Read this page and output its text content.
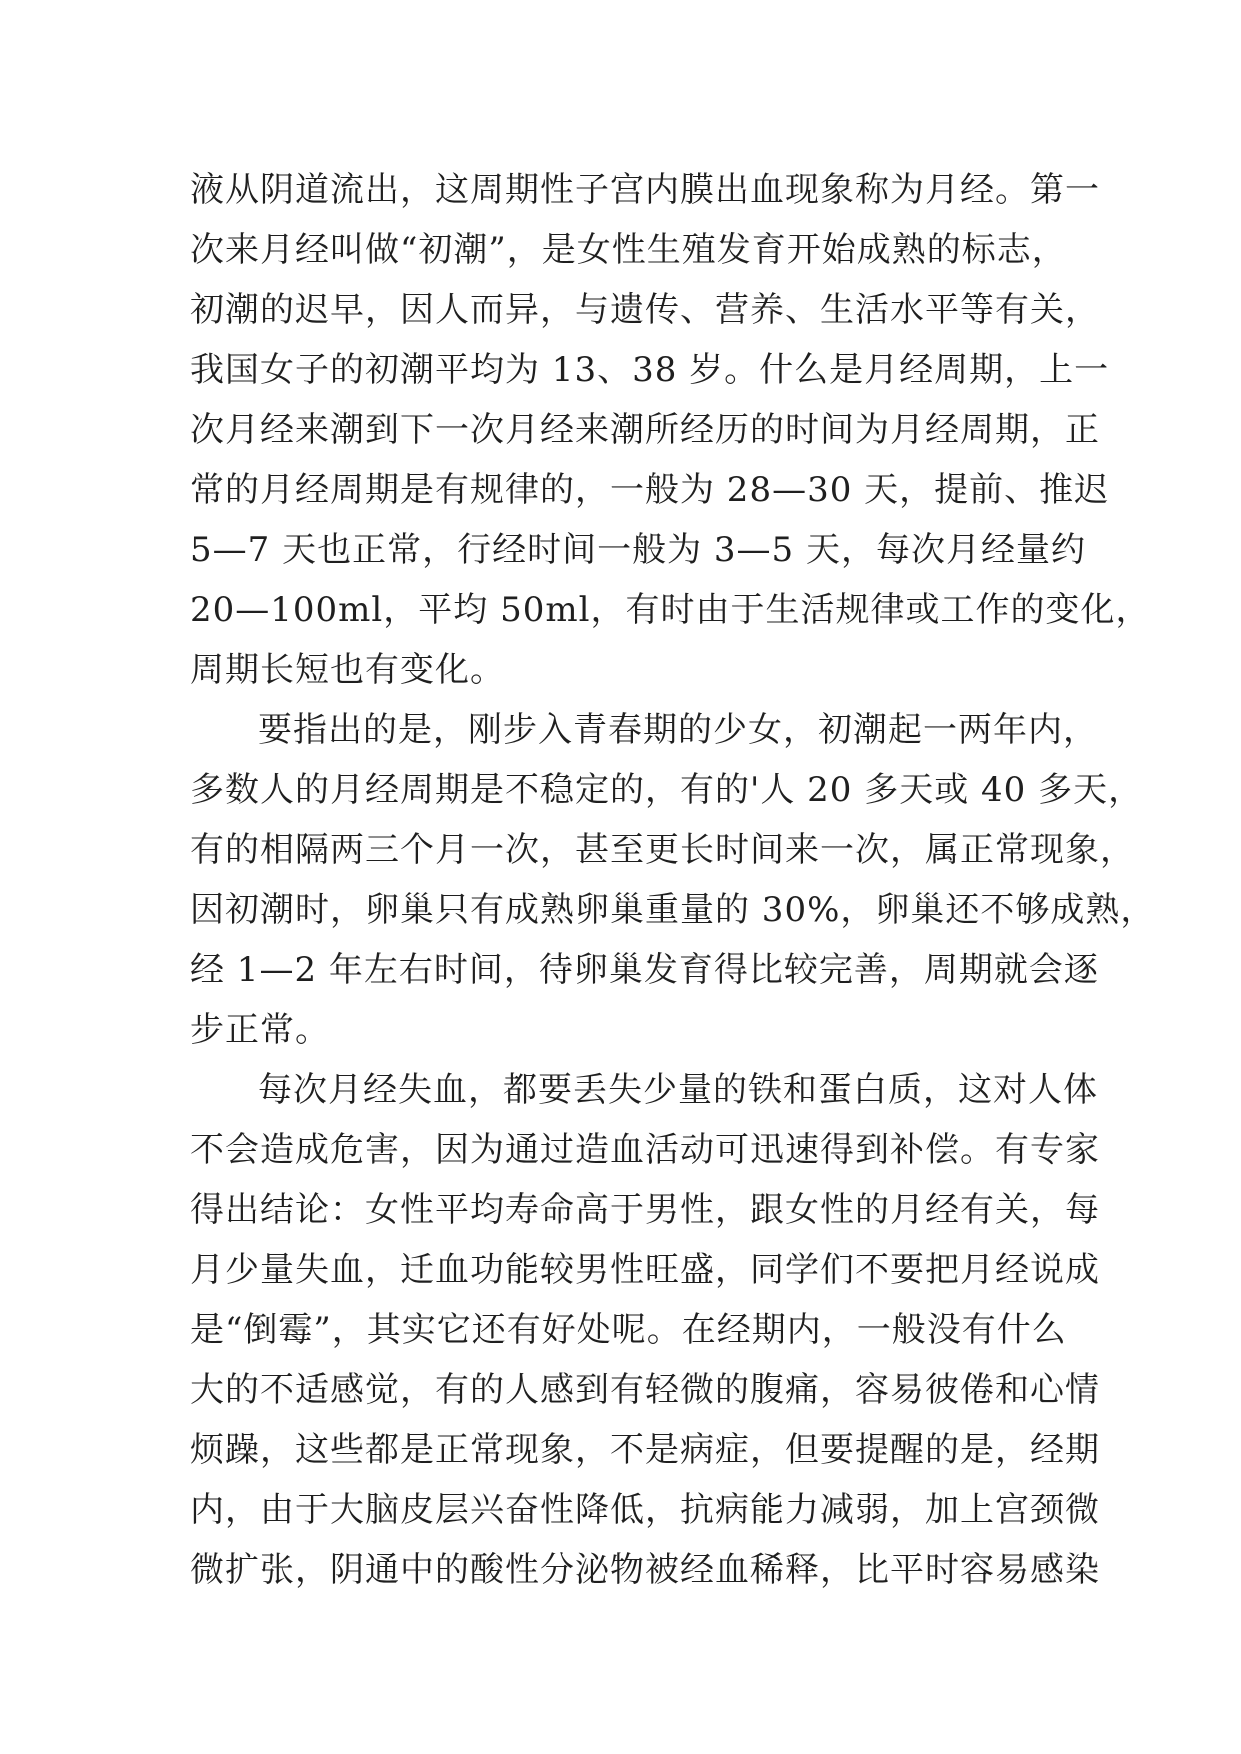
液从阴道流出，这周期性子宫内膜出血现象称为月经。第一
次来月经叫做“初潮”，是女性生殖发育开始成熟的标志，
初潮的迟早，因人而异，与遗传、营养、生活水平等有关，
我国女子的初潮平均为 13、38 岁。什么是月经周期，上一
次月经来潮到下一次月经来潮所经历的时间为月经周期，正
常的月经周期是有规律的，一般为 28—30 天，提前、推迟
5—7 天也正常，行经时间一般为 3—5 天，每次月经量约
20—100ml，平均 50ml，有时由于生活规律或工作的变化，
周期长短也有变化。
要指出的是，刚步入青春期的少女，初潮起一两年内，
多数人的月经周期是不稳定的，有的'人 20 多天或 40 多天，
有的相隔两三个月一次，甚至更长时间来一次，属正常现象，
因初潮时，卵巢只有成熟卵巢重量的 30%，卵巢还不够成熟，
经 1—2 年左右时间，待卵巢发育得比较完善，周期就会逐
步正常。
每次月经失血，都要丢失少量的铁和蛋白质，这对人体
不会造成危害，因为通过造血活动可迅速得到补偿。有专家
得出结论：女性平均寿命高于男性，跟女性的月经有关，每
月少量失血，迁血功能较男性旺盛，同学们不要把月经说成
是“倒霉”，其实它还有好处呢。在经期内，一般没有什么
大的不适感觉，有的人感到有轻微的腹痛，容易彼倦和心情
烦躁，这些都是正常现象，不是病症，但要提醒的是，经期
内，由于大脑皮层兴奋性降低，抗病能力减弱，加上宫颈微
微扩张，阴通中的酸性分泌物被经血稀释，比平时容易感染
